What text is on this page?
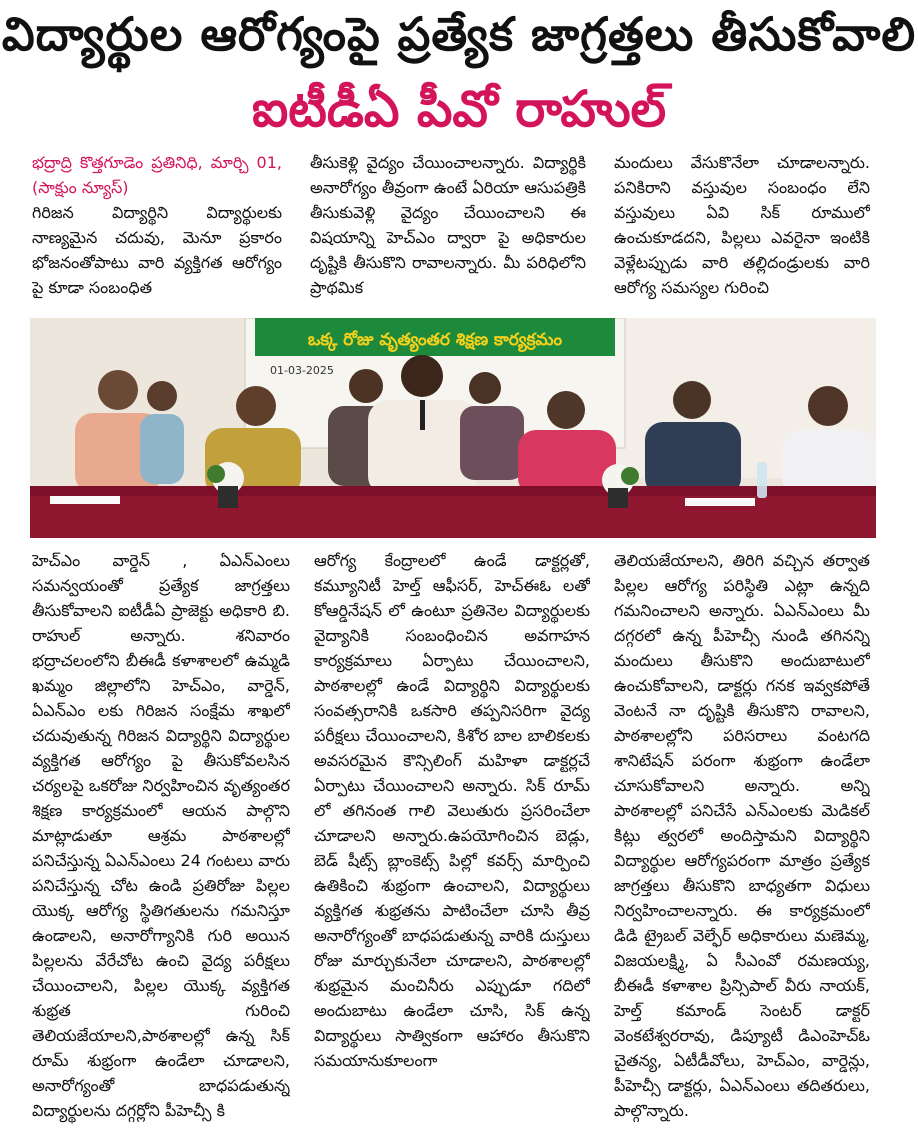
విద్యార్థుల ఆరోగ్యంపై ప్రత్యేక జాగ్రత్తలు తీసుకోవాలి
ఐటీడీఏ పీవో రాహుల్

భద్రాద్రి కొత్తగూడెం ప్రతినిధి, మార్చి 01, (సాక్షుం న్యూస్)

గిరిజన విద్యార్థిని విద్యార్థులకు నాణ్యమైన చదువు, మెనూ ప్రకారం భోజనంతోపాటు వారి వ్యక్తిగత ఆరోగ్యం పై కూడా సంబంధిత

తీసుకెళ్లి వైద్యం చేయించాలన్నారు. విద్యార్థికి అనారోగ్యం తీవ్రంగా ఉంటే ఏరియా ఆసుపత్రికి తీసుకువెళ్లి వైద్యం చేయించాలని ఈ విషయాన్ని హెచ్ఎం ద్వారా పై అధికారుల దృష్టికి తీసుకొని రావాలన్నారు. మీ పరిధిలోని ప్రాథమిక

మందులు వేసుకొనేలా చూడాలన్నారు. పనికిరాని వస్తువుల సంబంధం లేని వస్తువులు ఏవి సిక్ రూములో ఉంచుకూడదని, పిల్లలు ఎవరైనా ఇంటికి వెళ్లేటప్పుడు వారి తల్లిదండ్రులకు వారి ఆరోగ్య సమస్యల గురించి

ఒక్క రోజు వృత్యంతర శిక్షణ కార్యక్రమం
01-03-2025

హెచ్ఎం వార్డెన్ , ఏఎన్ఎంలు సమన్వయంతో ప్రత్యేక జాగ్రత్తలు తీసుకోవాలని ఐటీడీఏ ప్రాజెక్టు అధికారి బి. రాహుల్ అన్నారు. శనివారం భద్రాచలంలోని బీఈడీ కళాశాలలో ఉమ్మడి ఖమ్మం జిల్లాలోని హెచ్ఎం, వార్డెన్, ఏఎన్ఎం లకు గిరిజన సంక్షేమ శాఖలో చదువుతున్న గిరిజన విద్యార్థిని విద్యార్థుల వ్యక్తిగత ఆరోగ్యం పై తీసుకోవలసిన చర్యలపై ఒకరోజు నిర్వహించిన వృత్యంతర శిక్షణ కార్యక్రమంలో ఆయన పాల్గొని మాట్లాడుతూ ఆశ్రమ పాఠశాలల్లో పనిచేస్తున్న ఏఎన్ఎంలు 24 గంటలు వారు పనిచేస్తున్న చోట ఉండి ప్రతిరోజు పిల్లల యొక్క ఆరోగ్య స్థితిగతులను గమనిస్తూ ఉండాలని, అనారోగ్యానికి గురి అయిన పిల్లలను వేరేచోట ఉంచి వైద్య పరీక్షలు చేయించాలని, పిల్లల యొక్క వ్యక్తిగత శుభ్రత గురించి తెలియజేయాలని,పాఠశాలల్లో ఉన్న సిక్ రూమ్ శుభ్రంగా ఉండేలా చూడాలని, అనారోగ్యంతో బాధపడుతున్న విద్యార్థులను దగ్గర్లోని పీహెచ్సీ కి

ఆరోగ్య కేంద్రాలలో ఉండే డాక్టర్లతో, కమ్యూనిటీ హెల్త్ ఆఫీసర్, హెచ్ఈఓ లతో కోఆర్డినేషన్ లో ఉంటూ ప్రతినెల విద్యార్థులకు వైద్యానికి సంబంధించిన అవగాహన కార్యక్రమాలు ఏర్పాటు చేయించాలని, పాఠశాలల్లో ఉండే విద్యార్థిని విద్యార్థులకు సంవత్సరానికి ఒకసారి తప్పనిసరిగా వైద్య పరీక్షలు చేయించాలని, కిశోర బాల బాలికలకు అవసరమైన కౌన్సిలింగ్ మహిళా డాక్టర్లచే ఏర్పాటు చేయించాలని అన్నారు. సిక్ రూమ్ లో తగినంత గాలి వెలుతురు ప్రసరించేలా చూడాలని అన్నారు.ఉపయోగించిన బెడ్లు, బెడ్ షీట్స్ బ్లాంకెట్స్ పిల్లో కవర్స్ మార్పించి ఉతికించి శుభ్రంగా ఉంచాలని, విద్యార్థులు వ్యక్తిగత శుభ్రతను పాటించేలా చూసి తీవ్ర అనారోగ్యంతో బాధపడుతున్న వారికి దుస్తులు రోజు మార్చుకునేలా చూడాలని, పాఠశాలల్లో శుభ్రమైన మంచినీరు ఎప్పుడూ గదిలో అందుబాటు ఉండేలా చూసి, సిక్ ఉన్న విద్యార్థులు సాత్వికంగా ఆహారం తీసుకొని సమయానుకూలంగా

తెలియజేయాలని, తిరిగి వచ్చిన తర్వాత పిల్లల ఆరోగ్య పరిస్థితి ఎట్లా ఉన్నది గమనించాలని అన్నారు. ఏఎన్ఎంలు మీ దగ్గరలో ఉన్న పీహెచ్సీ నుండి తగినన్ని మందులు తీసుకొని అందుబాటులో ఉంచుకోవాలని, డాక్టర్లు గనక ఇవ్వకపోతే వెంటనే నా దృష్టికి తీసుకొని రావాలని, పాఠశాలల్లోని పరిసరాలు వంటగది శానిటేషన్ పరంగా శుభ్రంగా ఉండేలా చూసుకోవాలని అన్నారు. అన్ని పాఠశాలల్లో పనిచేసే ఎన్ఎంలకు మెడికల్ కిట్లు త్వరలో అందిస్తామని విద్యార్థిని విద్యార్థుల ఆరోగ్యపరంగా మాత్రం ప్రత్యేక జాగ్రత్తలు తీసుకొని బాధ్యతగా విధులు నిర్వహించాలన్నారు. ఈ కార్యక్రమంలో డిడి ట్రైబల్ వెల్ఫేర్ అధికారులు మణెమ్మ, విజయలక్ష్మి, ఏ సీఎంవో రమణయ్య, బీఈడీ కళాశాల ప్రిన్సిపాల్ వీరు నాయక్, హెల్త్ కమాండ్ సెంటర్ డాక్టర్ వెంకటేశ్వరరావు, డిప్యూటీ డిఎంహెచ్ఓ చైతన్య, ఏటీడీవోలు, హెచ్ఎం, వార్డెన్లు, పీహెచ్సీ డాక్టర్లు, ఏఎన్ఎంలు తదితరులు, పాల్గొన్నారు.
